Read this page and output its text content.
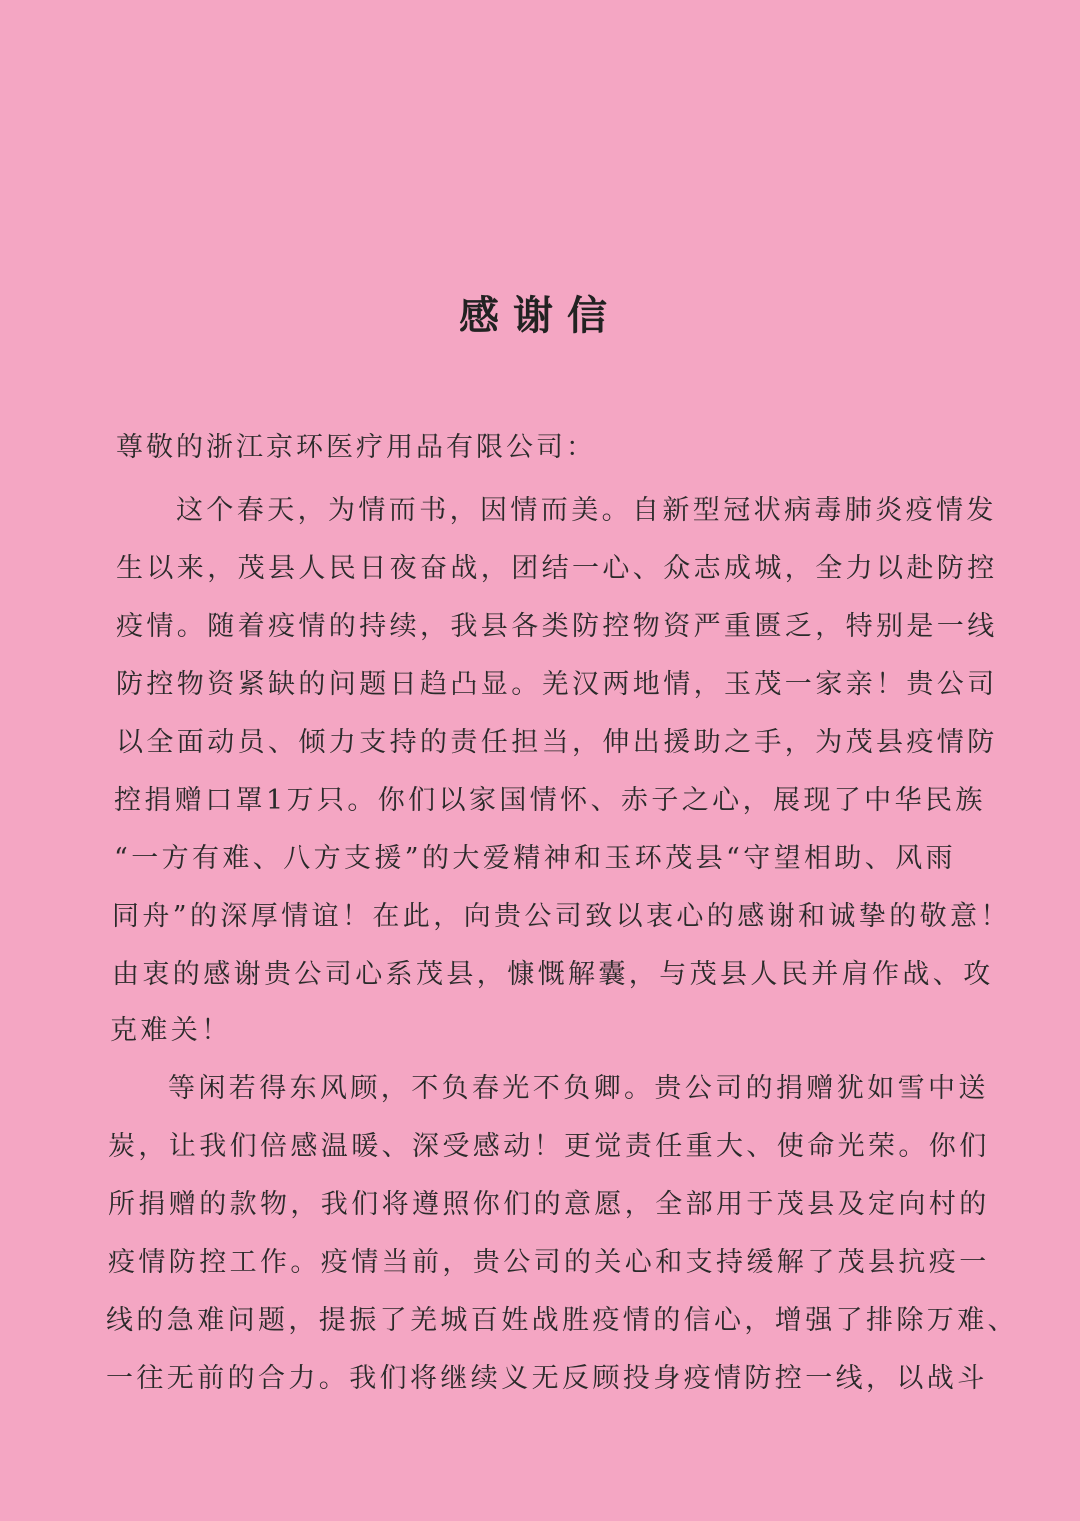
感谢信
尊敬的浙江京环医疗用品有限公司：
这个春天，为情而书，因情而美。自新型冠状病毒肺炎疫情发
生以来，茂县人民日夜奋战，团结一心、众志成城，全力以赴防控
疫情。随着疫情的持续，我县各类防控物资严重匮乏，特别是一线
防控物资紧缺的问题日趋凸显。羌汉两地情，玉茂一家亲！贵公司
以全面动员、倾力支持的责任担当，伸出援助之手，为茂县疫情防
控捐赠口罩1万只。你们以家国情怀、赤子之心，展现了中华民族
“一方有难、八方支援”的大爱精神和玉环茂县“守望相助、风雨
同舟”的深厚情谊！在此，向贵公司致以衷心的感谢和诚挚的敬意！
由衷的感谢贵公司心系茂县，慷慨解囊，与茂县人民并肩作战、攻
克难关！
等闲若得东风顾，不负春光不负卿。贵公司的捐赠犹如雪中送
炭，让我们倍感温暖、深受感动！更觉责任重大、使命光荣。你们
所捐赠的款物，我们将遵照你们的意愿，全部用于茂县及定向村的
疫情防控工作。疫情当前，贵公司的关心和支持缓解了茂县抗疫一
线的急难问题，提振了羌城百姓战胜疫情的信心，增强了排除万难、
一往无前的合力。我们将继续义无反顾投身疫情防控一线，以战斗
